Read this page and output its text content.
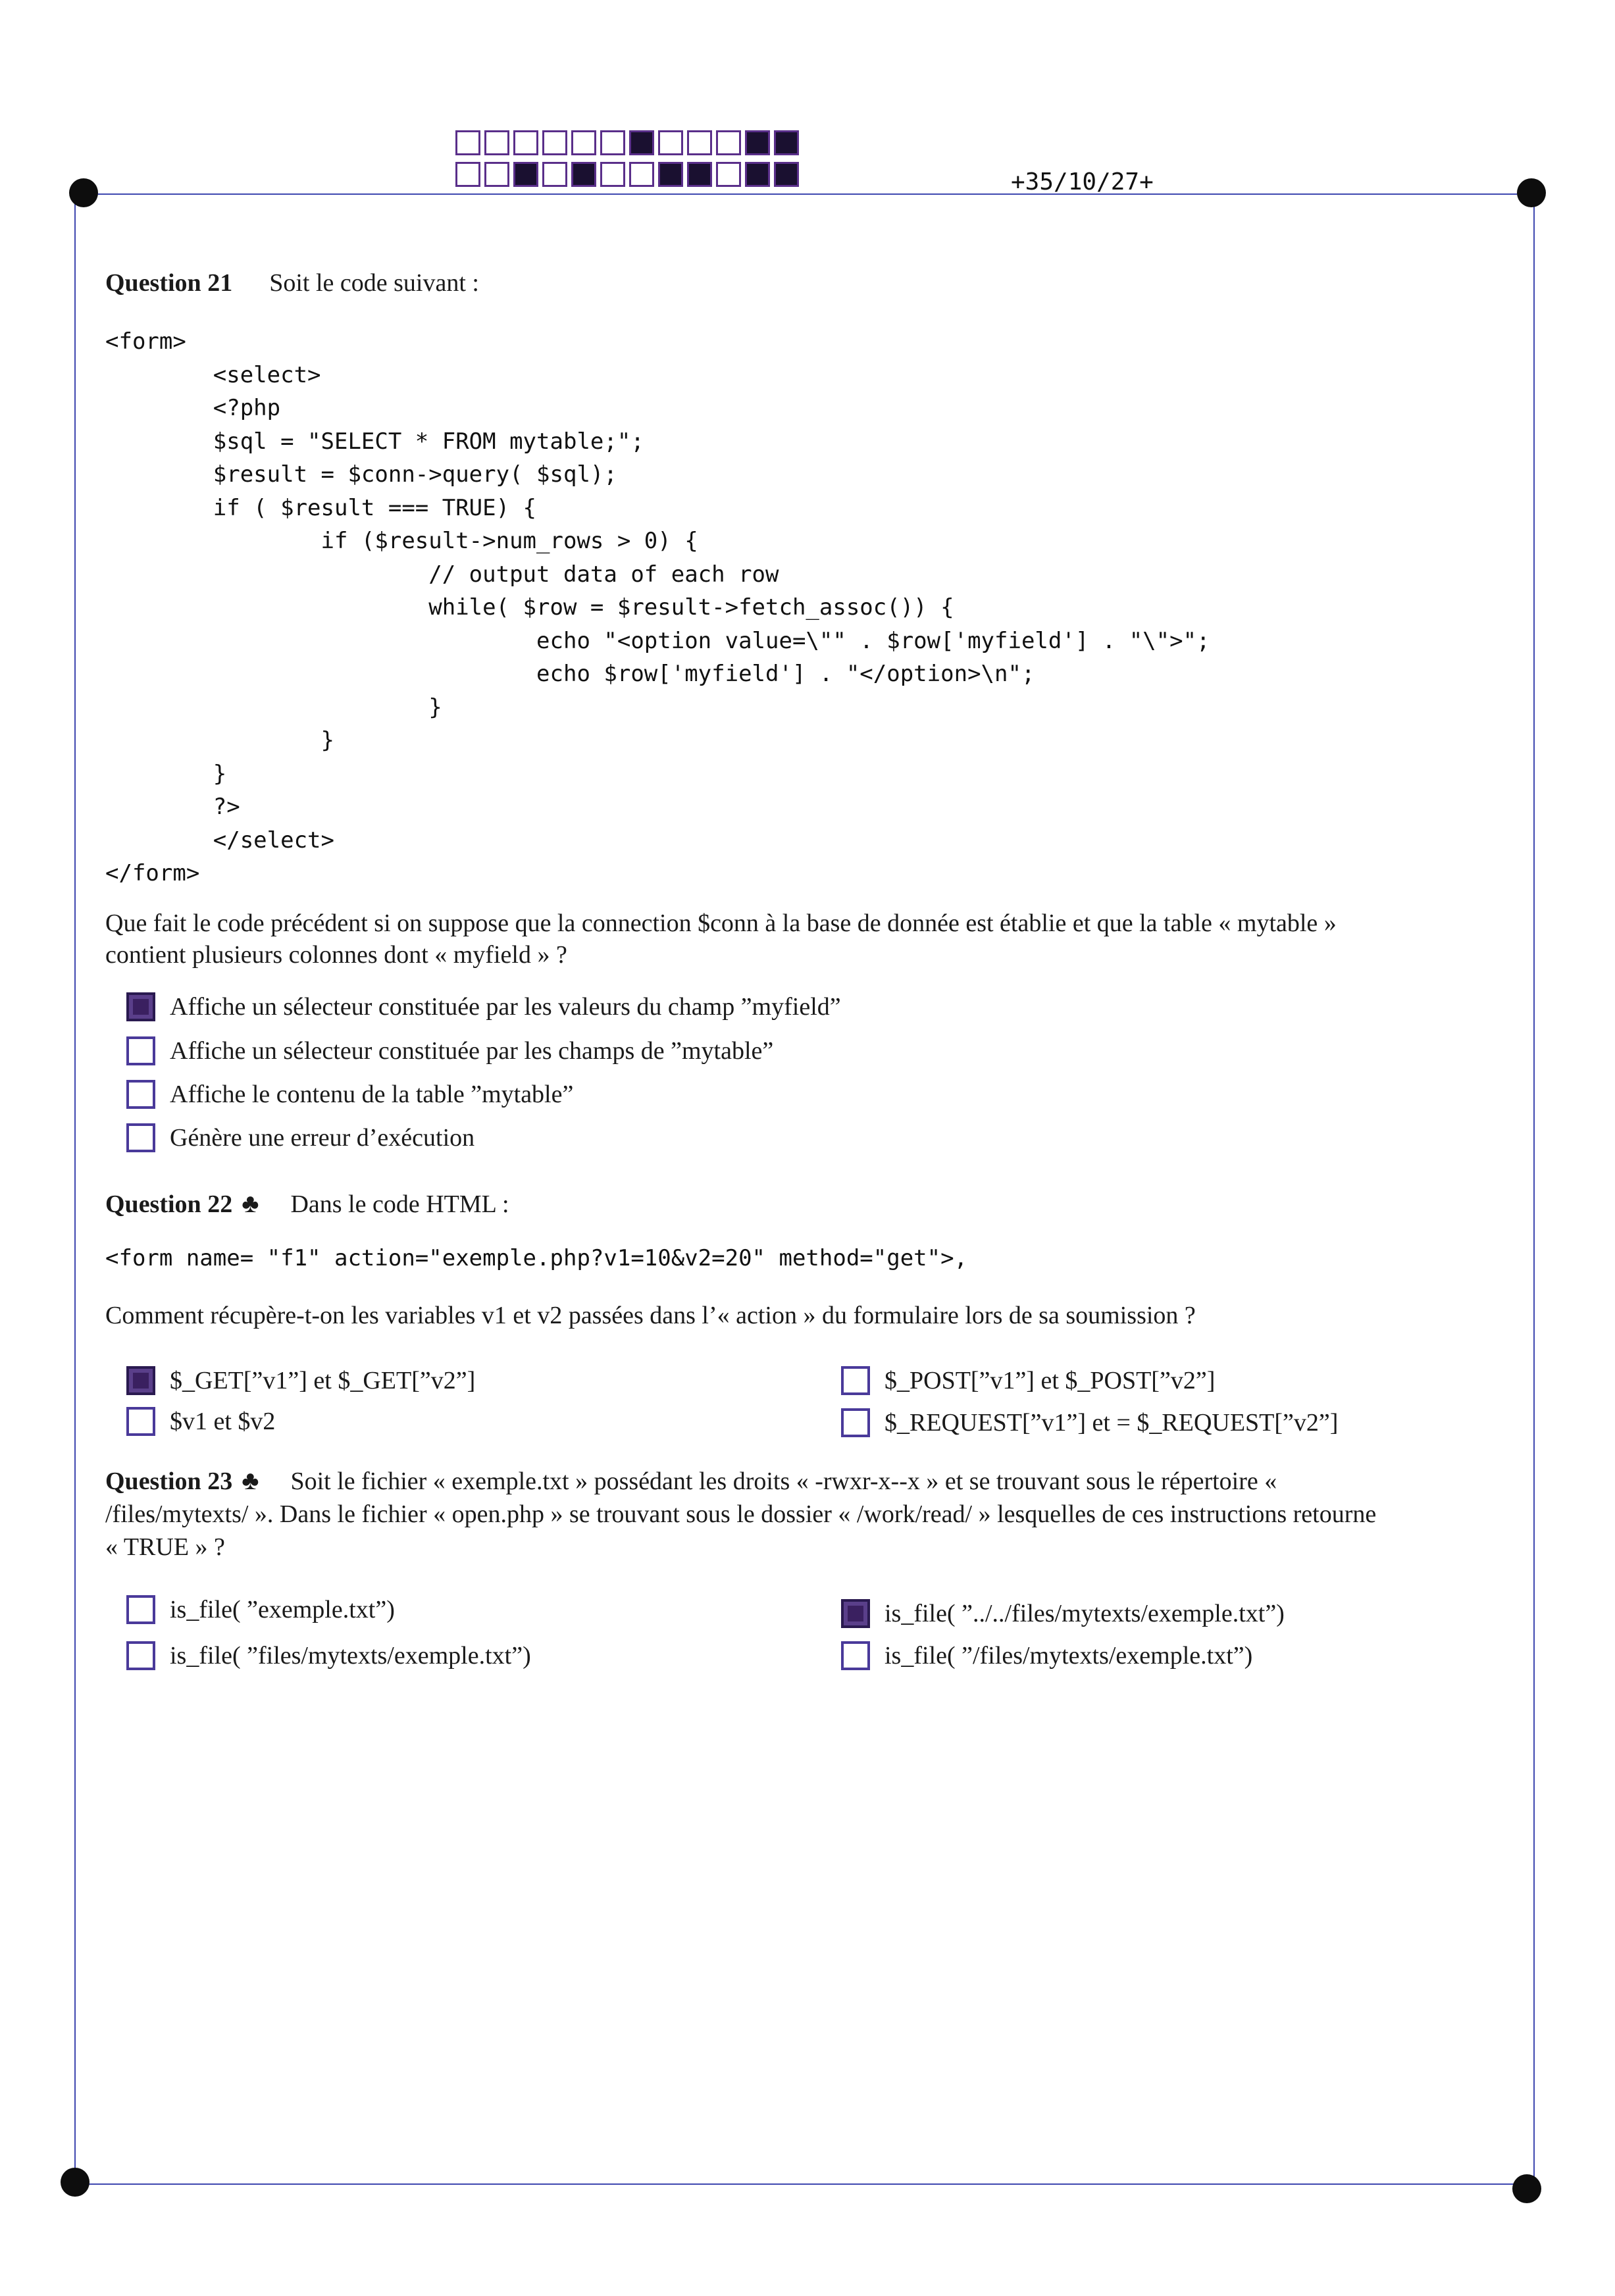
+35/10/27+
Question 21 Soit le code suivant :
<form>
<select>
<?php
$sql = "SELECT * FROM mytable;";
$result = $conn->query( $sql);
if ( $result === TRUE) {
if ($result->num_rows > 0) {
// output data of each row
while( $row = $result->fetch_assoc()) {
echo "<option value=\"" . $row['myfield'] . "\">";
echo $row['myfield'] . "</option>\n";
}
}
}
?>
</select>
</form>
Que fait le code précédent si on suppose que la connection $conn à la base de donnée est établie et que la table « mytable »
contient plusieurs colonnes dont « myfield » ?
Affiche un sélecteur constituée par les valeurs du champ ”myfield”
Affiche un sélecteur constituée par les champs de ”mytable”
Affiche le contenu de la table ”mytable”
Génère une erreur d’exécution
Question 22 ♣ Dans le code HTML :
<form name= "f1" action="exemple.php?v1=10&v2=20" method="get">,
Comment récupère-t-on les variables v1 et v2 passées dans l’« action » du formulaire lors de sa soumission ?
$_GET[”v1”] et $_GET[”v2”]	$_POST[”v1”] et $_POST[”v2”]
$v1 et $v2	$_REQUEST[”v1”] et = $_REQUEST[”v2”]
Question 23 ♣ Soit le fichier « exemple.txt » possédant les droits « -rwxr-x--x » et se trouvant sous le répertoire «
/files/mytexts/ ». Dans le fichier « open.php » se trouvant sous le dossier « /work/read/ » lesquelles de ces instructions retourne
« TRUE » ?
is_file( ”exemple.txt”)	is_file( ”../../files/mytexts/exemple.txt”)
is_file( ”files/mytexts/exemple.txt”)	is_file( ”/files/mytexts/exemple.txt”)
